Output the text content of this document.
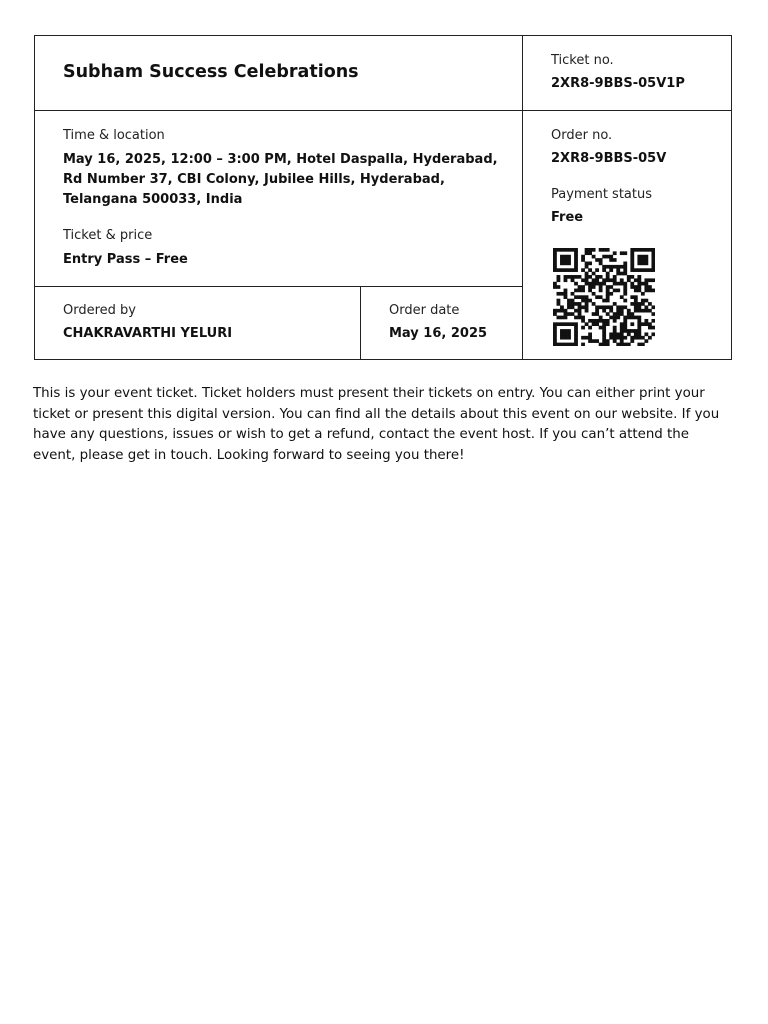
Subham Success Celebrations
Ticket no.
2XR8-9BBS-05V1P
Time & location
May 16, 2025, 12:00 – 3:00 PM, Hotel Daspalla, Hyderabad,
Rd Number 37, CBI Colony, Jubilee Hills, Hyderabad,
Telangana 500033, India
Ticket & price
Entry Pass – Free
Order no.
2XR8-9BBS-05V
Payment status
Free
Ordered by
CHAKRAVARTHI YELURI
Order date
May 16, 2025

This is your event ticket. Ticket holders must present their tickets on entry. You can either print your ticket or present this digital version. You can find all the details about this event on our website. If you have any questions, issues or wish to get a refund, contact the event host. If you can’t attend the event, please get in touch. Looking forward to seeing you there!
